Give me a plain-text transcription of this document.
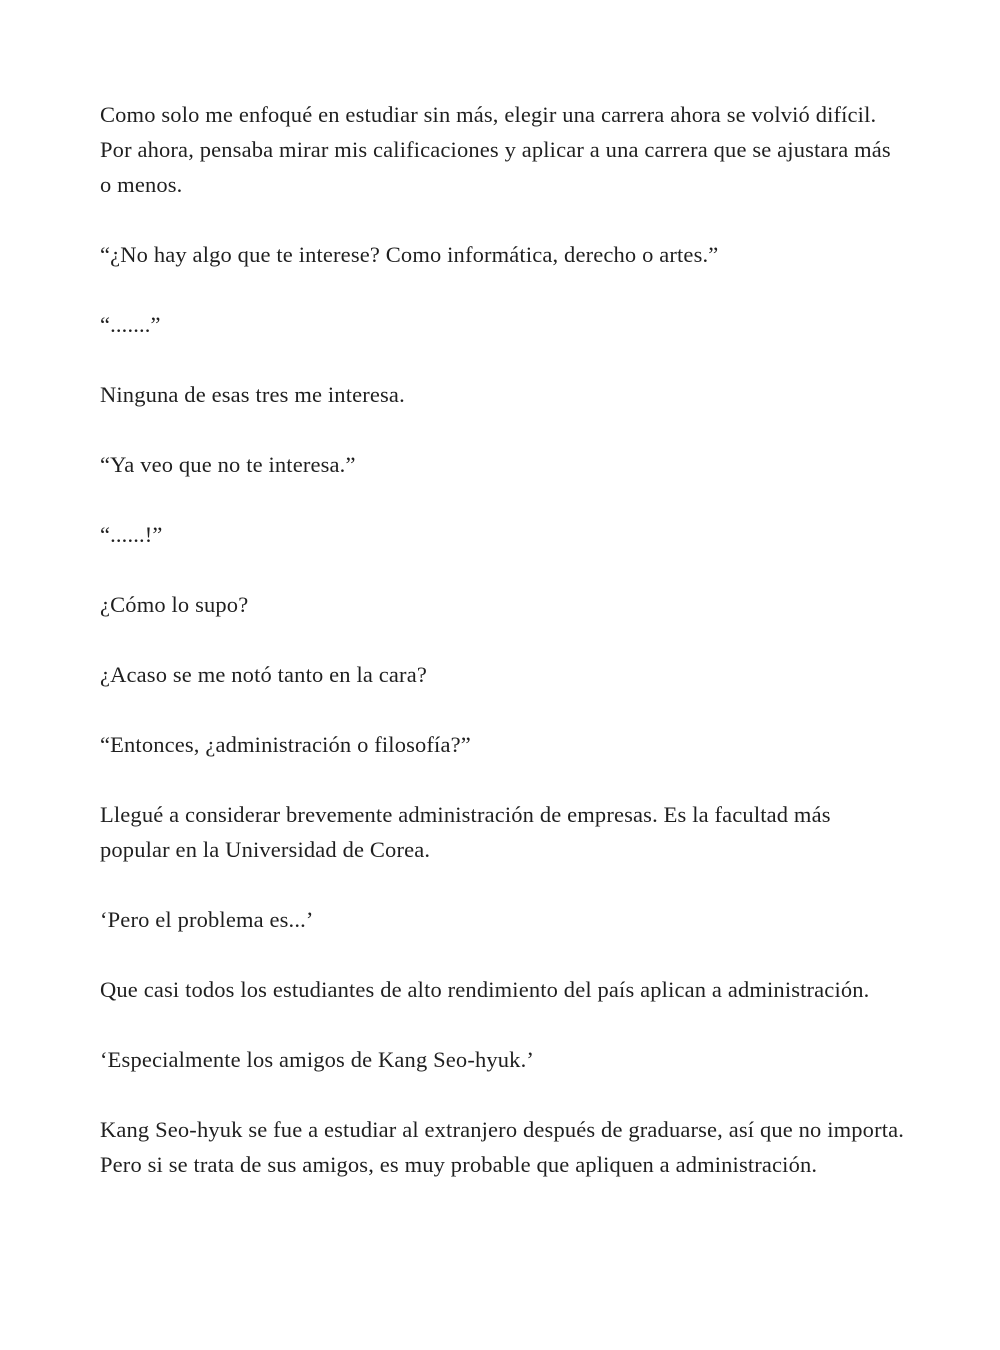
Como solo me enfoqué en estudiar sin más, elegir una carrera ahora se volvió difícil. Por ahora, pensaba mirar mis calificaciones y aplicar a una carrera que se ajustara más o menos.

“¿No hay algo que te interese? Como informática, derecho o artes.”

“.......”

Ninguna de esas tres me interesa.

“Ya veo que no te interesa.”

“......!”

¿Cómo lo supo?

¿Acaso se me notó tanto en la cara?

“Entonces, ¿administración o filosofía?”

Llegué a considerar brevemente administración de empresas. Es la facultad más popular en la Universidad de Corea.

‘Pero el problema es...’

Que casi todos los estudiantes de alto rendimiento del país aplican a administración.

‘Especialmente los amigos de Kang Seo-hyuk.’

Kang Seo-hyuk se fue a estudiar al extranjero después de graduarse, así que no importa. Pero si se trata de sus amigos, es muy probable que apliquen a administración.
